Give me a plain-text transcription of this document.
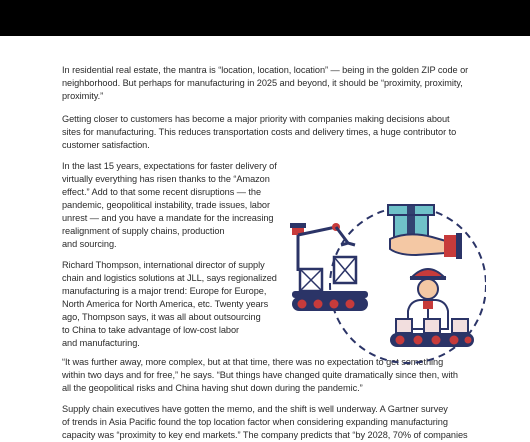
In residential real estate, the mantra is “location, location, location” — being in the golden ZIP code or
neighborhood. But perhaps for manufacturing in 2025 and beyond, it should be “proximity, proximity,
proximity.”

Getting closer to customers has become a major priority with companies making decisions about
sites for manufacturing. This reduces transportation costs and delivery times, a huge contributor to
customer satisfaction.

In the last 15 years, expectations for faster delivery of
virtually everything has risen thanks to the “Amazon
effect.” Add to that some recent disruptions — the
pandemic, geopolitical instability, trade issues, labor
unrest — and you have a mandate for the increasing
realignment of supply chains, production
and sourcing.

Richard Thompson, international director of supply
chain and logistics solutions at JLL, says regionalized
manufacturing is a major trend: Europe for Europe,
North America for North America, etc. Twenty years
ago, Thompson says, it was all about outsourcing
to China to take advantage of low-cost labor
and manufacturing.

“It was further away, more complex, but at that time, there was no expectation to get something
within two days and for free,” he says. “But things have changed quite dramatically since then, with
all the geopolitical risks and China having shut down during the pandemic.”

Supply chain executives have gotten the memo, and the shift is well underway. A Gartner survey
of trends in Asia Pacific found the top location factor when considering expanding manufacturing
capacity was “proximity to key end markets.” The company predicts that “by 2028, 70% of companies
